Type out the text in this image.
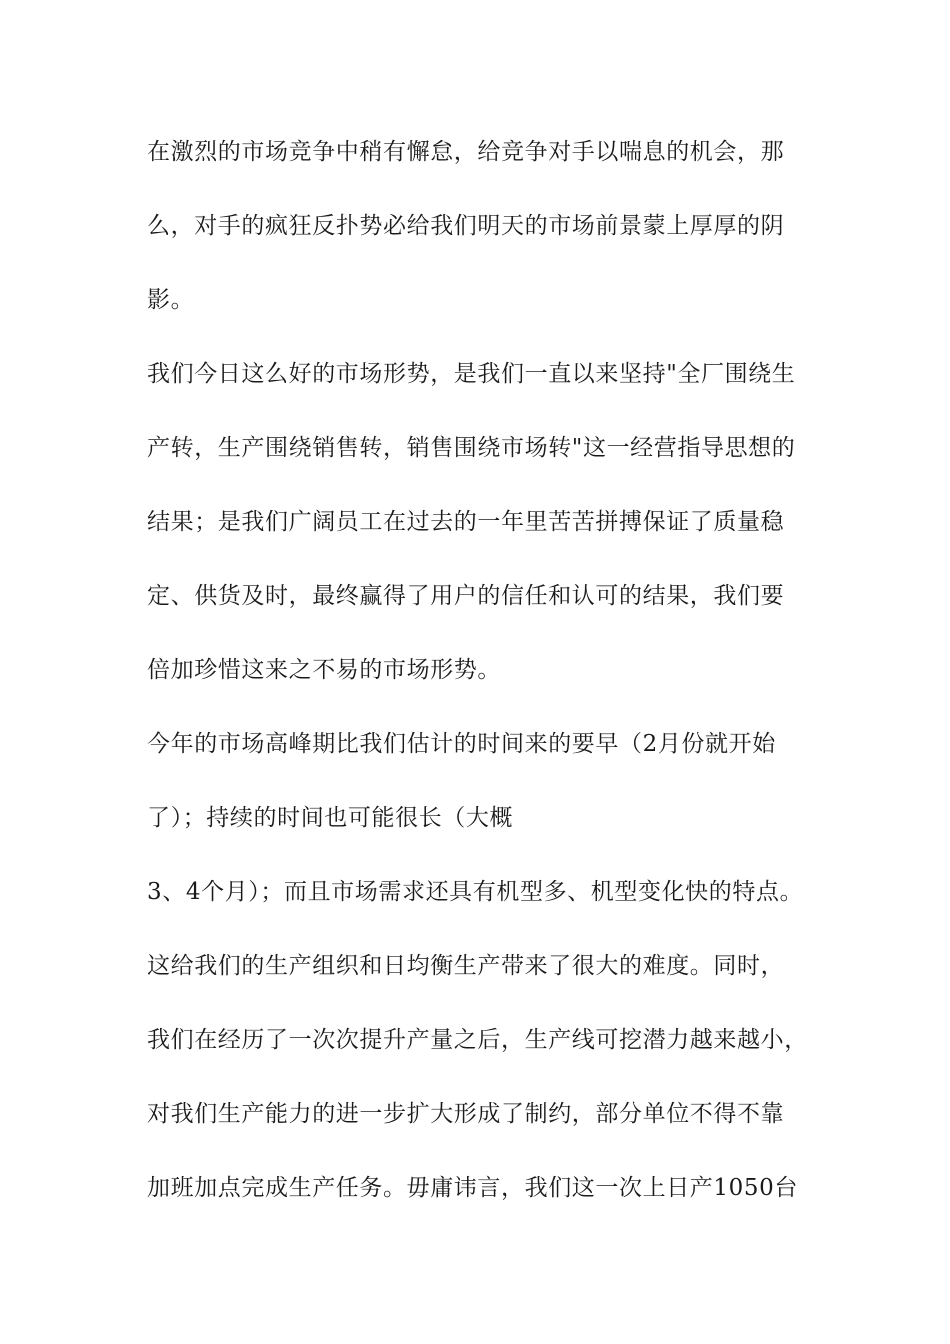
在激烈的市场竞争中稍有懈怠，给竞争对手以喘息的机会，那
么，对手的疯狂反扑势必给我们明天的市场前景蒙上厚厚的阴
影。
我们今日这么好的市场形势，是我们一直以来坚持"全厂围绕生
产转，生产围绕销售转，销售围绕市场转"这一经营指导思想的
结果；是我们广阔员工在过去的一年里苦苦拼搏保证了质量稳
定、供货及时，最终赢得了用户的信任和认可的结果，我们要
倍加珍惜这来之不易的市场形势。
今年的市场高峰期比我们估计的时间来的要早（2月份就开始
了）；持续的时间也可能很长（大概
3、4个月）；而且市场需求还具有机型多、机型变化快的特点。
这给我们的生产组织和日均衡生产带来了很大的难度。同时，
我们在经历了一次次提升产量之后，生产线可挖潜力越来越小，
对我们生产能力的进一步扩大形成了制约，部分单位不得不靠
加班加点完成生产任务。毋庸讳言，我们这一次上日产1050台
